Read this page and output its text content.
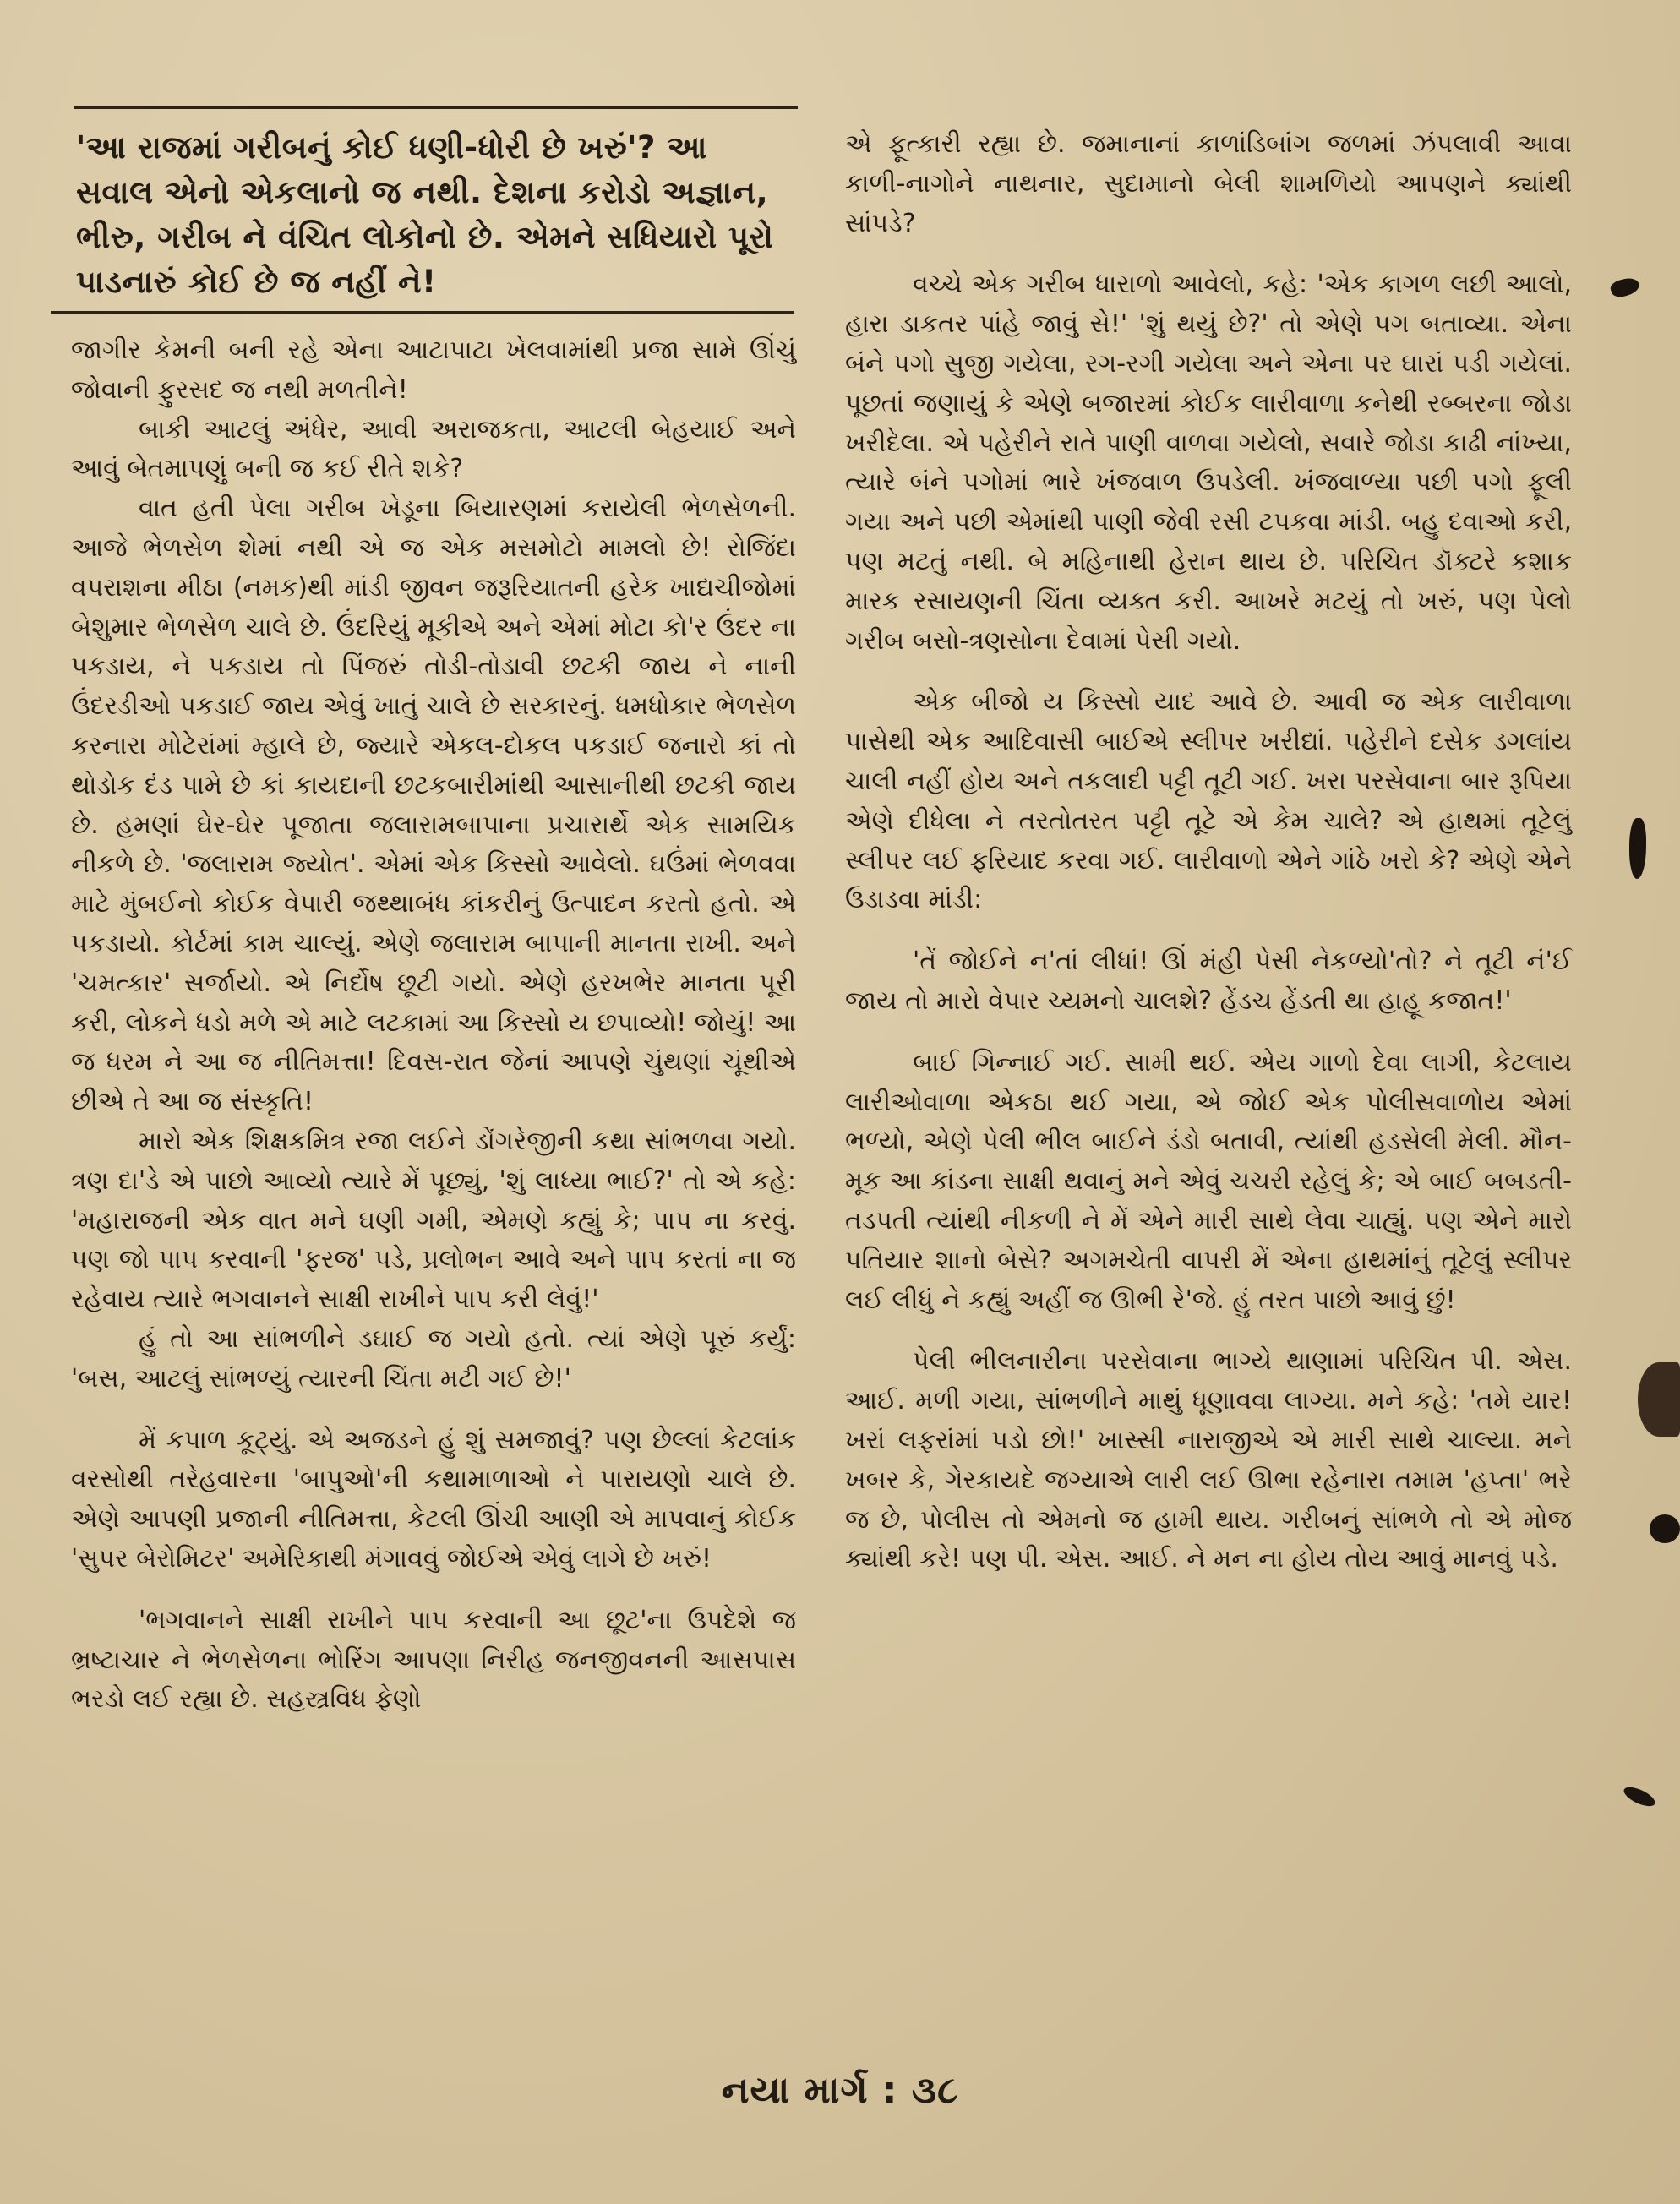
'આ રાજમાં ગરીબનું કોઈ ધણી-ધોરી છે ખરું'? આ સવાલ એનો એકલાનો જ નથી. દેશના કરોડો અજ્ઞાન, ભીરુ, ગરીબ ને વંચિત લોકોનો છે. એમને સધિયારો પૂરો પાડનારું કોઈ છે જ નહીં ને!

જાગીર કેમની બની રહે એના આટાપાટા ખેલવામાંથી પ્રજા સામે ઊંચું જોવાની ફુરસદ જ નથી મળતીને!

બાકી આટલું અંધેર, આવી અરાજકતા, આટલી બેહયાઈ અને આવું બેતમાપણું બની જ કઈ રીતે શકે?

વાત હતી પેલા ગરીબ ખેડૂના બિયારણમાં કરાયેલી ભેળસેળની. આજે ભેળસેળ શેમાં નથી એ જ એક મસમોટો મામલો છે! રોજિંદા વપરાશના મીઠા (નમક)થી માંડી જીવન જરૂરિયાતની હરેક ખાદ્યચીજોમાં બેશુમાર ભેળસેળ ચાલે છે. ઉંદરિયું મૂકીએ અને એમાં મોટા કો'ર ઉંદર ના પકડાય, ને પકડાય તો પિંજરું તોડી-તોડાવી છટકી જાય ને નાની ઉંદરડીઓ પકડાઈ જાય એવું ખાતું ચાલે છે સરકારનું. ધમધોકાર ભેળસેળ કરનારા મોટેરાંમાં મ્હાલે છે, જ્યારે એકલ-દોકલ પકડાઈ જનારો કાં તો થોડોક દંડ પામે છે કાં કાયદાની છટકબારીમાંથી આસાનીથી છટકી જાય છે. હમણાં ઘેર-ઘેર પૂજાતા જલારામબાપાના પ્રચારાર્થે એક સામયિક નીકળે છે. 'જલારામ જ્યોત'. એમાં એક કિસ્સો આવેલો. ઘઉંમાં ભેળવવા માટે મુંબઈનો કોઈક વેપારી જથ્થાબંધ કાંકરીનું ઉત્પાદન કરતો હતો. એ પકડાયો. કોર્ટમાં કામ ચાલ્યું. એણે જલારામ બાપાની માનતા રાખી. અને 'ચમત્કાર' સર્જાયો. એ નિર્દોષ છૂટી ગયો. એણે હરખભેર માનતા પૂરી કરી, લોકને ધડો મળે એ માટે લટકામાં આ કિસ્સો ય છપાવ્યો! જોયું! આ જ ધરમ ને આ જ નીતિમત્તા! દિવસ-રાત જેનાં આપણે ચુંથણાં ચૂંથીએ છીએ તે આ જ સંસ્કૃતિ!

મારો એક શિક્ષકમિત્ર રજા લઈને ડોંગરેજીની કથા સાંભળવા ગયો. ત્રણ દા'ડે એ પાછો આવ્યો ત્યારે મેં પૂછ્યું, 'શું લાધ્યા ભાઈ?' તો એ કહે: 'મહારાજની એક વાત મને ઘણી ગમી, એમણે કહ્યું કે; પાપ ના કરવું. પણ જો પાપ કરવાની 'ફરજ' પડે, પ્રલોભન આવે અને પાપ કરતાં ના જ રહેવાય ત્યારે ભગવાનને સાક્ષી રાખીને પાપ કરી લેવું!'

હું તો આ સાંભળીને ડઘાઈ જ ગયો હતો. ત્યાં એણે પૂરું કર્યું: 'બસ, આટલું સાંભળ્યું ત્યારની ચિંતા મટી ગઈ છે!'

મેં કપાળ કૂટ્યું. એ અજડને હું શું સમજાવું? પણ છેલ્લાં કેટલાંક વરસોથી તરેહવારના 'બાપુઓ'ની કથામાળાઓ ને પારાયણો ચાલે છે. એણે આપણી પ્રજાની નીતિમત્તા, કેટલી ઊંચી આણી એ માપવાનું કોઈક 'સુપર બેરોમિટર' અમેરિકાથી મંગાવવું જોઈએ એવું લાગે છે ખરું!

'ભગવાનને સાક્ષી રાખીને પાપ કરવાની આ છૂટ'ના ઉપદેશે જ ભ્રષ્ટાચાર ને ભેળસેળના ભોરિંગ આપણા નિરીહ જનજીવનની આસપાસ ભરડો લઈ રહ્યા છે. સહસ્ત્રવિધ ફેણો

એ ફૂત્કારી રહ્યા છે. જમાનાનાં કાળાંડિબાંગ જળમાં ઝંપલાવી આવા કાળી-નાગોને નાથનાર, સુદામાનો બેલી શામળિયો આપણને ક્યાંથી સાંપડે?

વચ્ચે એક ગરીબ ધારાળો આવેલો, કહે: 'એક કાગળ લછી આલો, હારા ડાકતર પાંહે જાવું સે!' 'શું થયું છે?' તો એણે પગ બતાવ્યા. એના બંને પગો સુજી ગયેલા, રગ-રગી ગયેલા અને એના પર ઘારાં પડી ગયેલાં. પૂછતાં જણાયું કે એણે બજારમાં કોઈક લારીવાળા કનેથી રબ્બરના જોડા ખરીદેલા. એ પહેરીને રાતે પાણી વાળવા ગયેલો, સવારે જોડા કાઢી નાંખ્યા, ત્યારે બંને પગોમાં ભારે ખંજવાળ ઉપડેલી. ખંજવાળ્યા પછી પગો ફૂલી ગયા અને પછી એમાંથી પાણી જેવી રસી ટપકવા માંડી. બહુ દવાઓ કરી, પણ મટતું નથી. બે મહિનાથી હેરાન થાય છે. પરિચિત ડૉક્ટરે કશાક મારક રસાયણની ચિંતા વ્યક્ત કરી. આખરે મટયું તો ખરું, પણ પેલો ગરીબ બસો-ત્રણસોના દેવામાં પેસી ગયો.

એક બીજો ય કિસ્સો યાદ આવે છે. આવી જ એક લારીવાળા પાસેથી એક આદિવાસી બાઈએ સ્લીપર ખરીદ્યાં. પહેરીને દસેક ડગલાંય ચાલી નહીં હોય અને તકલાદી પટ્ટી તૂટી ગઈ. ખરા પરસેવાના બાર રૂપિયા એણે દીધેલા ને તરતોતરત પટ્ટી તૂટે એ કેમ ચાલે? એ હાથમાં તૂટેલું સ્લીપર લઈ ફરિયાદ કરવા ગઈ. લારીવાળો એને ગાંઠે ખરો કે? એણે એને ઉડાડવા માંડી:

'તેં જોઈને ન'તાં લીધાં! ઊં મંહી પેસી નેકળ્યો'તો? ને તૂટી નં'ઈ જાય તો મારો વેપાર ચ્યમનો ચાલશે? હેંડચ હેંડતી થા હાહૂ કજાત!'

બાઈ ગિન્નાઈ ગઈ. સામી થઈ. એય ગાળો દેવા લાગી, કેટલાય લારીઓવાળા એકઠા થઈ ગયા, એ જોઈ એક પોલીસવાળોય એમાં ભળ્યો, એણે પેલી ભીલ બાઈને ડંડો બતાવી, ત્યાંથી હડસેલી મેલી. મૌન-મૂક આ કાંડના સાક્ષી થવાનું મને એવું ચચરી રહેલું કે; એ બાઈ બબડતી-તડપતી ત્યાંથી નીકળી ને મેં એને મારી સાથે લેવા ચાહ્યું. પણ એને મારો પતિયાર શાનો બેસે? અગમચેતી વાપરી મેં એના હાથમાંનું તૂટેલું સ્લીપર લઈ લીધું ને કહ્યું અહીં જ ઊભી રે'જે. હું તરત પાછો આવું છું!

પેલી ભીલનારીના પરસેવાના ભાગ્યે થાણામાં પરિચિત પી. એસ. આઈ. મળી ગયા, સાંભળીને માથું ધૂણાવવા લાગ્યા. મને કહે: 'તમે યાર! ખરાં લફરાંમાં પડો છો!' ખાસ્સી નારાજીએ એ મારી સાથે ચાલ્યા. મને ખબર કે, ગેરકાયદે જગ્યાએ લારી લઈ ઊભા રહેનારા તમામ 'હપ્તા' ભરે જ છે, પોલીસ તો એમનો જ હામી થાય. ગરીબનું સાંભળે તો એ મોજ ક્યાંથી કરે! પણ પી. એસ. આઈ. ને મન ના હોય તોય આવું માનવું પડે.

નયા માર્ગ : ૩૮
